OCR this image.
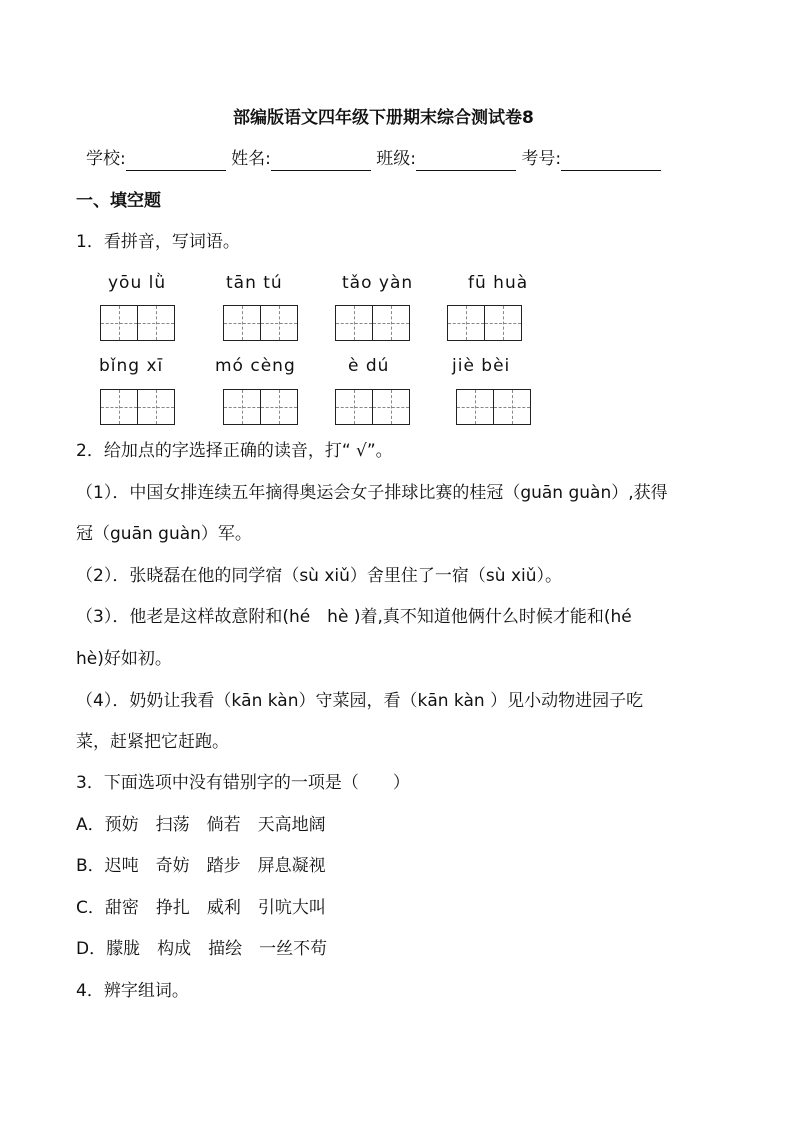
部编版语文四年级下册期末综合测试卷8
学校:	姓名:	班级:	考号:
一、填空题
1．看拼音，写词语。
yōu lǜ	tān tú	tǎo yàn	fū huà
bǐng xī	mó cèng	è dú	jiè bèi
2．给加点的字选择正确的读音，打“ √”。
（1）．中国女排连续五年摘得奥运会女子排球比赛的桂冠（guān guàn）,获得
冠（guān guàn）军。
（2）．张晓磊在他的同学宿（sù xiǔ）舍里住了一宿（sù xiǔ）。
（3）．他老是这样故意附和(hé　hè )着,真不知道他俩什么时候才能和(hé
hè)好如初。
（4）．奶奶让我看（kān kàn）守菜园，看（kān kàn ）见小动物进园子吃
菜，赶紧把它赶跑。
3．下面选项中没有错别字的一项是（　　）
A．预妨　扫荡　倘若　天高地阔
B．迟吨　奇妨　踏步　屏息凝视
C．甜密　挣扎　威利　引吭大叫
D．朦胧　构成　描绘　一丝不苟
4．辨字组词。
